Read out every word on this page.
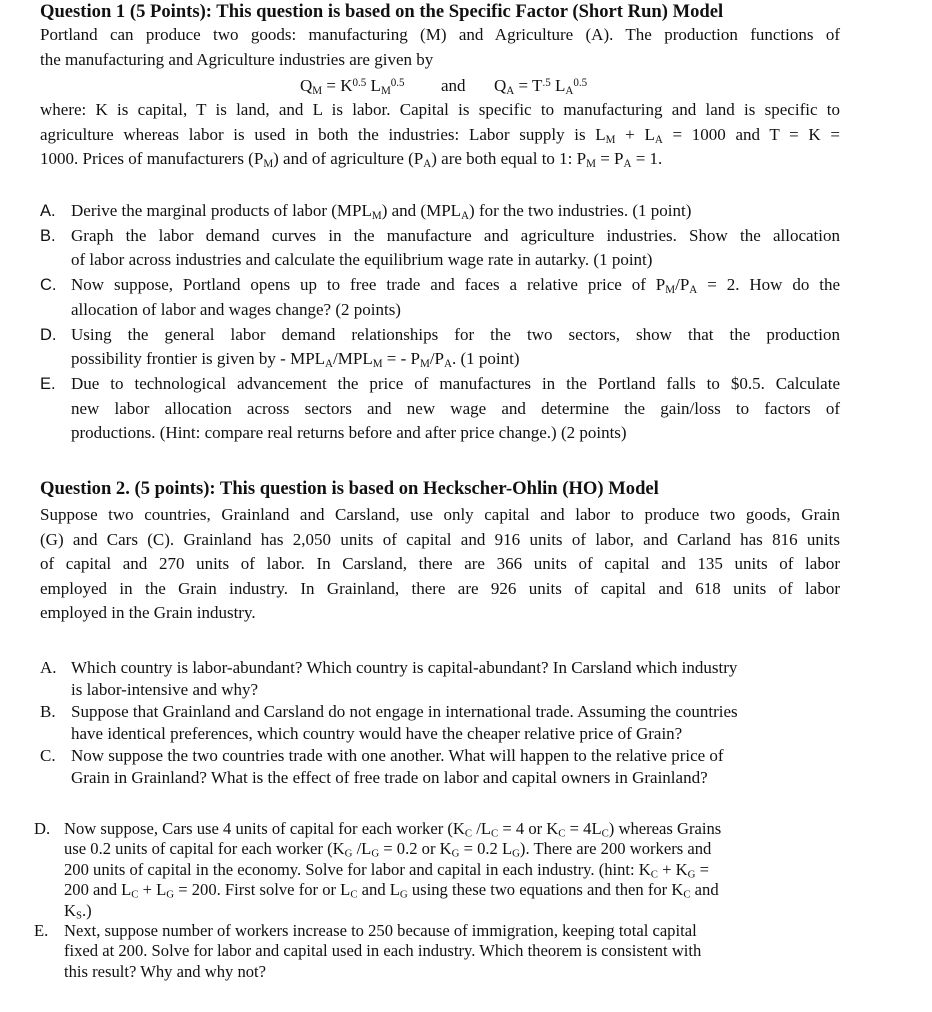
Question 1 (5 Points): This question is based on the Specific Factor (Short Run) Model
Portland can produce two goods: manufacturing (M) and Agriculture (A). The production functions of
the manufacturing and Agriculture industries are given by
$Q_M = K^{0.5}$ $L_M^{0.5}$ and $Q_A = T^{.5}$ $L_A^{0.5}$
where: K is capital, T is land, and L is labor. Capital is specific to manufacturing and land is specific to
agriculture whereas labor is used in both the industries: Labor supply is $L_M + L_A = 1000$ and T = K =
1000. Prices of manufacturers $(P_M)$ and of agriculture $(P_A)$ are both equal to 1: $P_M = P_A = 1$.
A. Derive the marginal products of labor $(MPL_M)$ and $(MPL_A)$ for the two industries. (1 point)
B. Graph the labor demand curves in the manufacture and agriculture industries. Show the allocation
of labor across industries and calculate the equilibrium wage rate in autarky. (1 point)
C. Now suppose, Portland opens up to free trade and faces a relative price of $P_M/P_A = 2$. How do the
allocation of labor and wages change? (2 points)
D. Using the general labor demand relationships for the two sectors, show that the production
possibility frontier is given by - $MPL_A/MPL_M$ = - $P_M/P_A$. (1 point)
E. Due to technological advancement the price of manufactures in the Portland falls to $0.5. Calculate
new labor allocation across sectors and new wage and determine the gain/loss to factors of
productions. (Hint: compare real returns before and after price change.) (2 points)
Question 2. (5 points): This question is based on Heckscher-Ohlin (HO) Model
Suppose two countries, Grainland and Carsland, use only capital and labor to produce two goods, Grain
(G) and Cars (C). Grainland has 2,050 units of capital and 916 units of labor, and Carland has 816 units
of capital and 270 units of labor. In Carsland, there are 366 units of capital and 135 units of labor
employed in the Grain industry. In Grainland, there are 926 units of capital and 618 units of labor
employed in the Grain industry.
A. Which country is labor-abundant? Which country is capital-abundant? In Carsland which industry
is labor-intensive and why?
B. Suppose that Grainland and Carsland do not engage in international trade. Assuming the countries
have identical preferences, which country would have the cheaper relative price of Grain?
C. Now suppose the two countries trade with one another. What will happen to the relative price of
Grain in Grainland? What is the effect of free trade on labor and capital owners in Grainland?
D. Now suppose, Cars use 4 units of capital for each worker ($K_C$ $/L_C = 4$ or $K_C = 4L_C$) whereas Grains
use 0.2 units of capital for each worker ($K_G$ $/L_G = 0.2$ or $K_G = 0.2$ $L_G$). There are 200 workers and
200 units of capital in the economy. Solve for labor and capital in each industry. (hint: $K_C + K_G$ =
200 and $L_C + L_G = 200$. First solve for or $L_C$ and $L_G$ using these two equations and then for $K_C$ and
$K_S$.)
E. Next, suppose number of workers increase to 250 because of immigration, keeping total capital
fixed at 200. Solve for labor and capital used in each industry. Which theorem is consistent with
this result? Why and why not?
